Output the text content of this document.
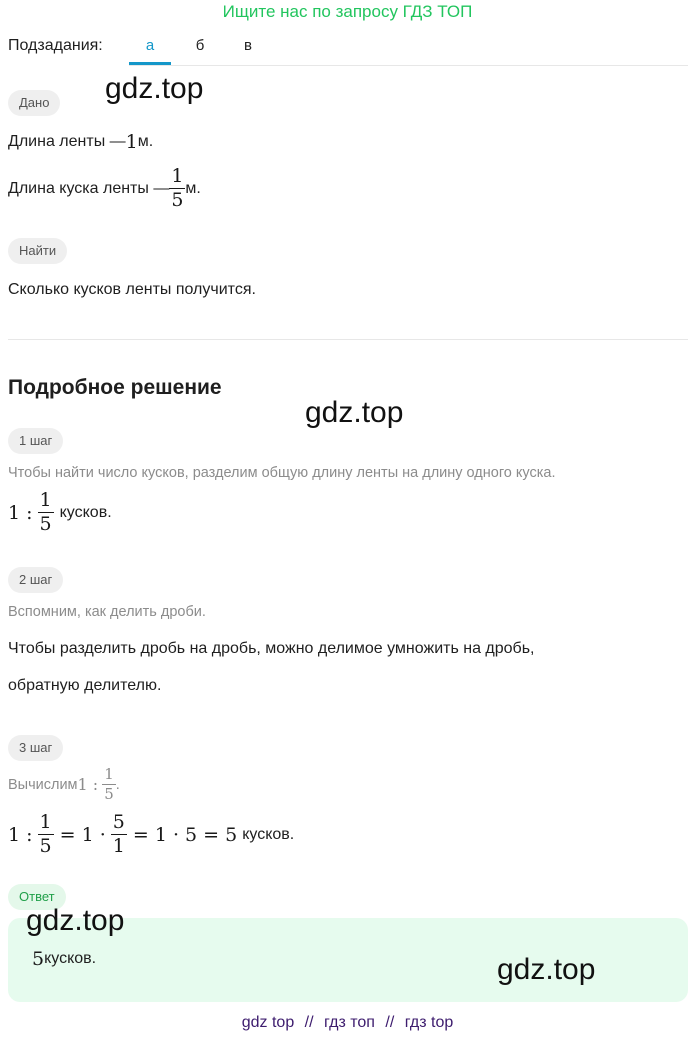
Ищите нас по запросу ГДЗ ТОП
Подзадания:	а	б	в
Дано	gdz.top
Длина ленты — 1 м.
Длина куска ленты — $\frac{1}{5} м$.
Найти
Сколько кусков ленты получится.
Подробное решение
gdz.top
1 шаг
Чтобы найти число кусков, разделим общую длину ленты на длину одного куска.
1 : $\frac{1}{5}$ кусков.
2 шаг
Вспомним, как делить дроби.
Чтобы разделить дробь на дробь, можно делимое умножить на дробь,
обратную делителю.
3 шаг
Вычислим 1 : $\frac{1}{5}$ .
1 : $\frac{1}{5} = 1 \cdot \frac{5}{1} = 1 \cdot 5 = 5$ кусков.
Ответ
5 кусков.
gdz.top
gdz.top
gdz top // гдз топ // гдз top
